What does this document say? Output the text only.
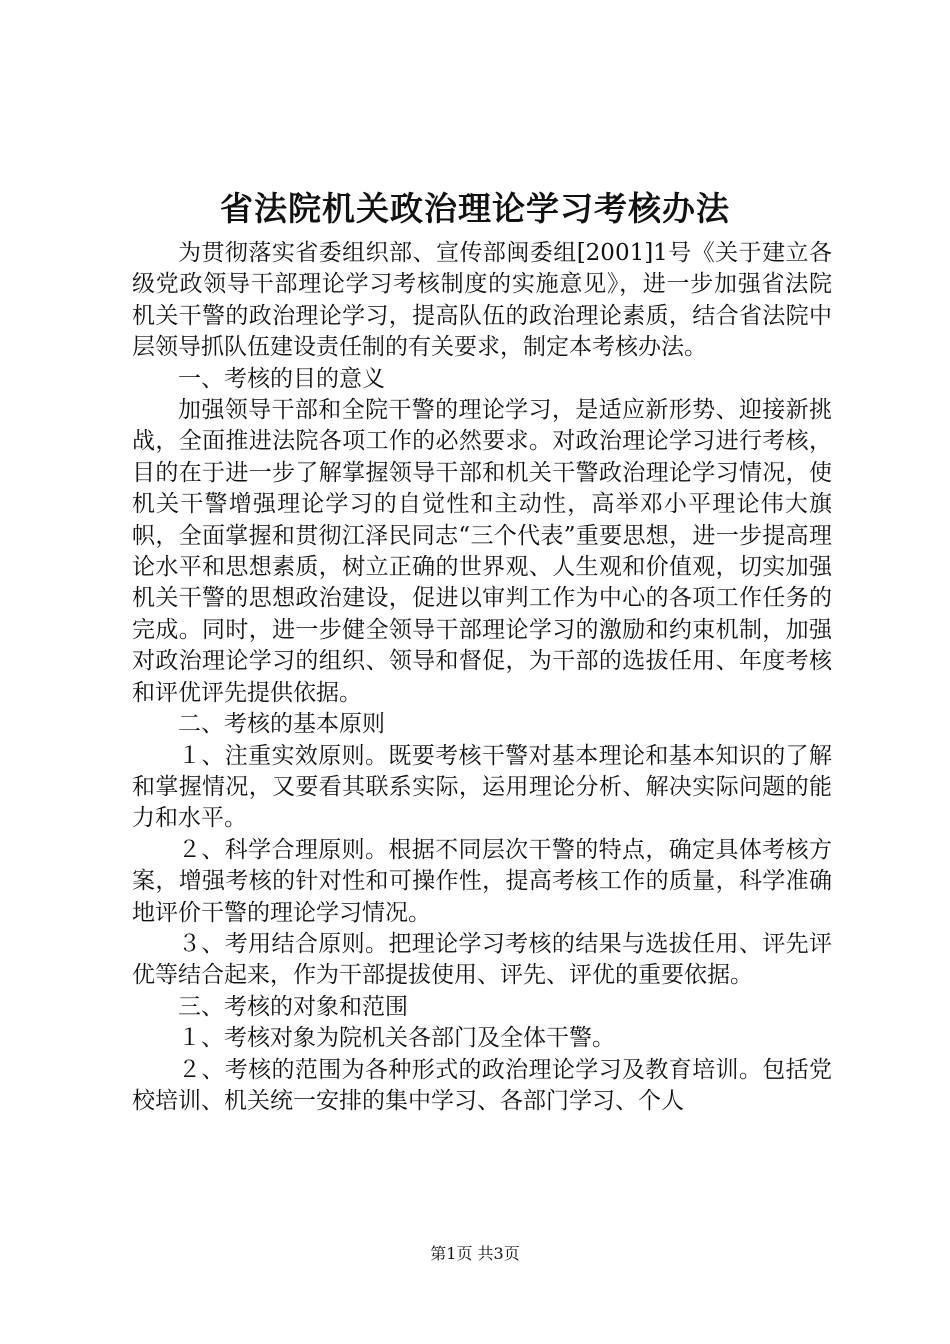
省法院机关政治理论学习考核办法

为贯彻落实省委组织部、宣传部闽委组[2001]1号《关于建立各级党政领导干部理论学习考核制度的实施意见》，进一步加强省法院机关干警的政治理论学习，提高队伍的政治理论素质，结合省法院中层领导抓队伍建设责任制的有关要求，制定本考核办法。

一、考核的目的意义

加强领导干部和全院干警的理论学习，是适应新形势、迎接新挑战，全面推进法院各项工作的必然要求。对政治理论学习进行考核，目的在于进一步了解掌握领导干部和机关干警政治理论学习情况，使机关干警增强理论学习的自觉性和主动性，高举邓小平理论伟大旗帜，全面掌握和贯彻江泽民同志“三个代表”重要思想，进一步提高理论水平和思想素质，树立正确的世界观、人生观和价值观，切实加强机关干警的思想政治建设，促进以审判工作为中心的各项工作任务的完成。同时，进一步健全领导干部理论学习的激励和约束机制，加强对政治理论学习的组织、领导和督促，为干部的选拔任用、年度考核和评优评先提供依据。

二、考核的基本原则

１、注重实效原则。既要考核干警对基本理论和基本知识的了解和掌握情况，又要看其联系实际，运用理论分析、解决实际问题的能力和水平。

２、科学合理原则。根据不同层次干警的特点，确定具体考核方案，增强考核的针对性和可操作性，提高考核工作的质量，科学准确地评价干警的理论学习情况。

３、考用结合原则。把理论学习考核的结果与选拔任用、评先评优等结合起来，作为干部提拔使用、评先、评优的重要依据。

三、考核的对象和范围

１、考核对象为院机关各部门及全体干警。

２、考核的范围为各种形式的政治理论学习及教育培训。包括党校培训、机关统一安排的集中学习、各部门学习、个人

第1页 共3页
